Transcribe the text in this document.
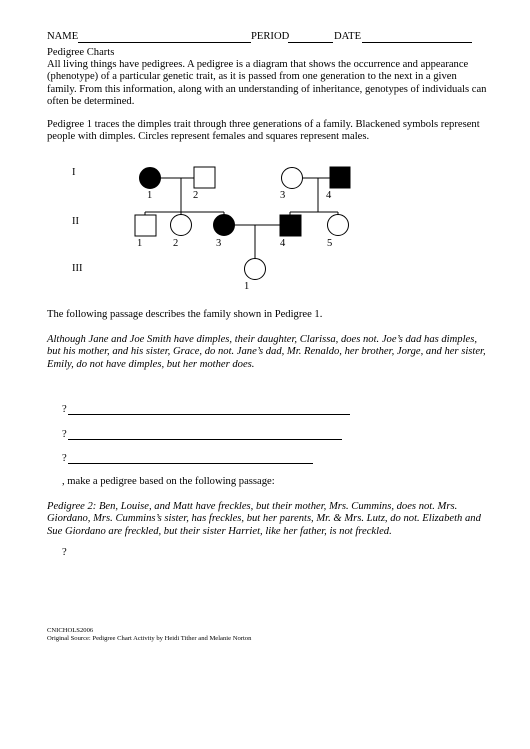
NAME	PERIOD	DATE
Pedigree Charts
All living things have pedigrees. A pedigree is a diagram that shows the occurrence and appearance (phenotype) of a particular genetic trait, as it is passed from one generation to the next in a given family. From this information, along with an understanding of inheritance, genotypes of individuals can often be determined.
Pedigree 1 traces the dimples trait through three generations of a family. Blackened symbols represent people with dimples. Circles represent females and squares represent males.
I
II
III
1	2	3	4
1	2	3	4	5
1
The following passage describes the family shown in Pedigree 1.
Although Jane and Joe Smith have dimples, their daughter, Clarissa, does not. Joe’s dad has dimples, but his mother, and his sister, Grace, do not. Jane’s dad, Mr. Renaldo, her brother, Jorge, and her sister, Emily, do not have dimples, but her mother does.
?
?
?
, make a pedigree based on the following passage:
Pedigree 2: Ben, Louise, and Matt have freckles, but their mother, Mrs. Cummins, does not. Mrs. Giordano, Mrs. Cummins’s sister, has freckles, but her parents, Mr. & Mrs. Lutz, do not. Elizabeth and Sue Giordano are freckled, but their sister Harriet, like her father, is not freckled.
?
CNICHOLS2006
Original Source: Pedigree Chart Activity by Heidi Tither and Melanie Norton
